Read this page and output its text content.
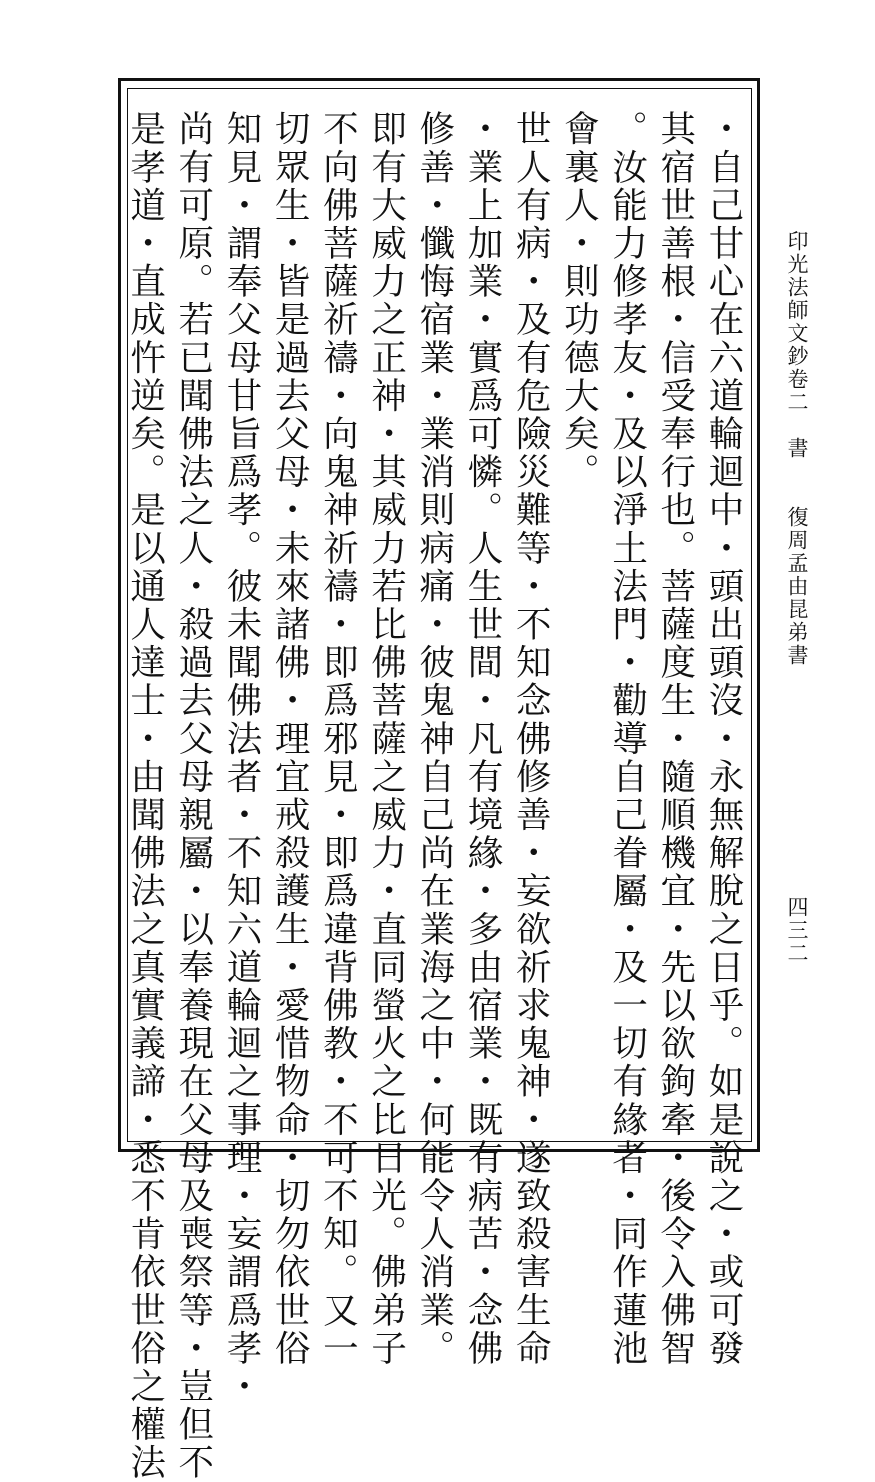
・自己甘心在六道輪迴中・頭出頭沒・永無解脫之日乎。如是說之・或可發
其宿世善根・信受奉行也。菩薩度生・隨順機宜・先以欲鉤牽・後令入佛智
。汝能力修孝友・及以淨土法門・勸導自己眷屬・及一切有緣者・同作蓮池
會裏人・則功德大矣。
世人有病・及有危險災難等・不知念佛修善・妄欲祈求鬼神・遂致殺害生命
・業上加業・實爲可憐。人生世間・凡有境緣・多由宿業・既有病苦・念佛
修善・懺悔宿業・業消則病痛・彼鬼神自己尚在業海之中・何能令人消業。
即有大威力之正神・其威力若比佛菩薩之威力・直同螢火之比日光。佛弟子
不向佛菩薩祈禱・向鬼神祈禱・即爲邪見・即爲違背佛教・不可不知。又一
切眾生・皆是過去父母・未來諸佛・理宜戒殺護生・愛惜物命・切勿依世俗
知見・謂奉父母甘旨爲孝。彼未聞佛法者・不知六道輪迴之事理・妄謂爲孝・
尚有可原。若已聞佛法之人・殺過去父母親屬・以奉養現在父母及喪祭等・豈但不
是孝道・直成忤逆矣。是以通人達士・由聞佛法之真實義諦・悉不肯依世俗之權法	印光法師文鈔卷二　書　　復周孟由昆弟書
四三二
